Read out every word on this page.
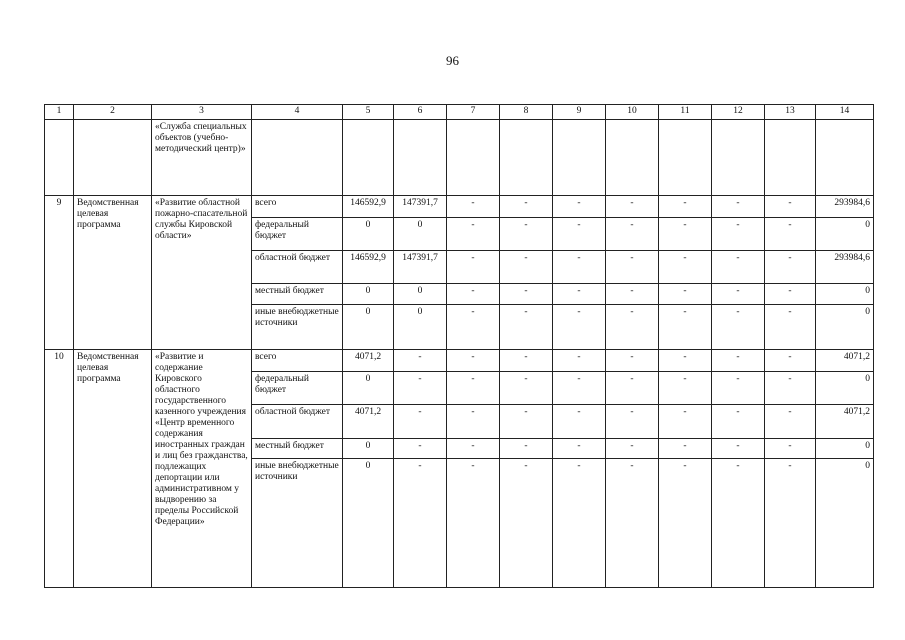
96
1	2	3	4	5	6	7	8	9	10	11	12	13	14
		«Служба специальных объектов (учебно-методический центр)»											
9	Ведомственная целевая программа	«Развитие областной пожарно-спасательной службы Кировской области»	всего	146592,9	147391,7	-	-	-	-	-	-	-	293984,6
			федеральный бюджет	0	0	-	-	-	-	-	-	-	0
			областной бюджет	146592,9	147391,7	-	-	-	-	-	-	-	293984,6
			местный бюджет	0	0	-	-	-	-	-	-	-	0
			иные внебюджетные источники	0	0	-	-	-	-	-	-	-	0
10	Ведомственная целевая программа	«Развитие и содержание Кировского областного государственного казенного учреждения «Центр временного содержания иностранных граждан и лиц без гражданства, подлежащих депортации или административном у выдворению за пределы Российской Федерации»	всего	4071,2	-	-	-	-	-	-	-	-	4071,2
			федеральный бюджет	0	-	-	-	-	-	-	-	-	0
			областной бюджет	4071,2	-	-	-	-	-	-	-	-	4071,2
			местный бюджет	0	-	-	-	-	-	-	-	-	0
			иные внебюджетные источники	0	-	-	-	-	-	-	-	-	0
